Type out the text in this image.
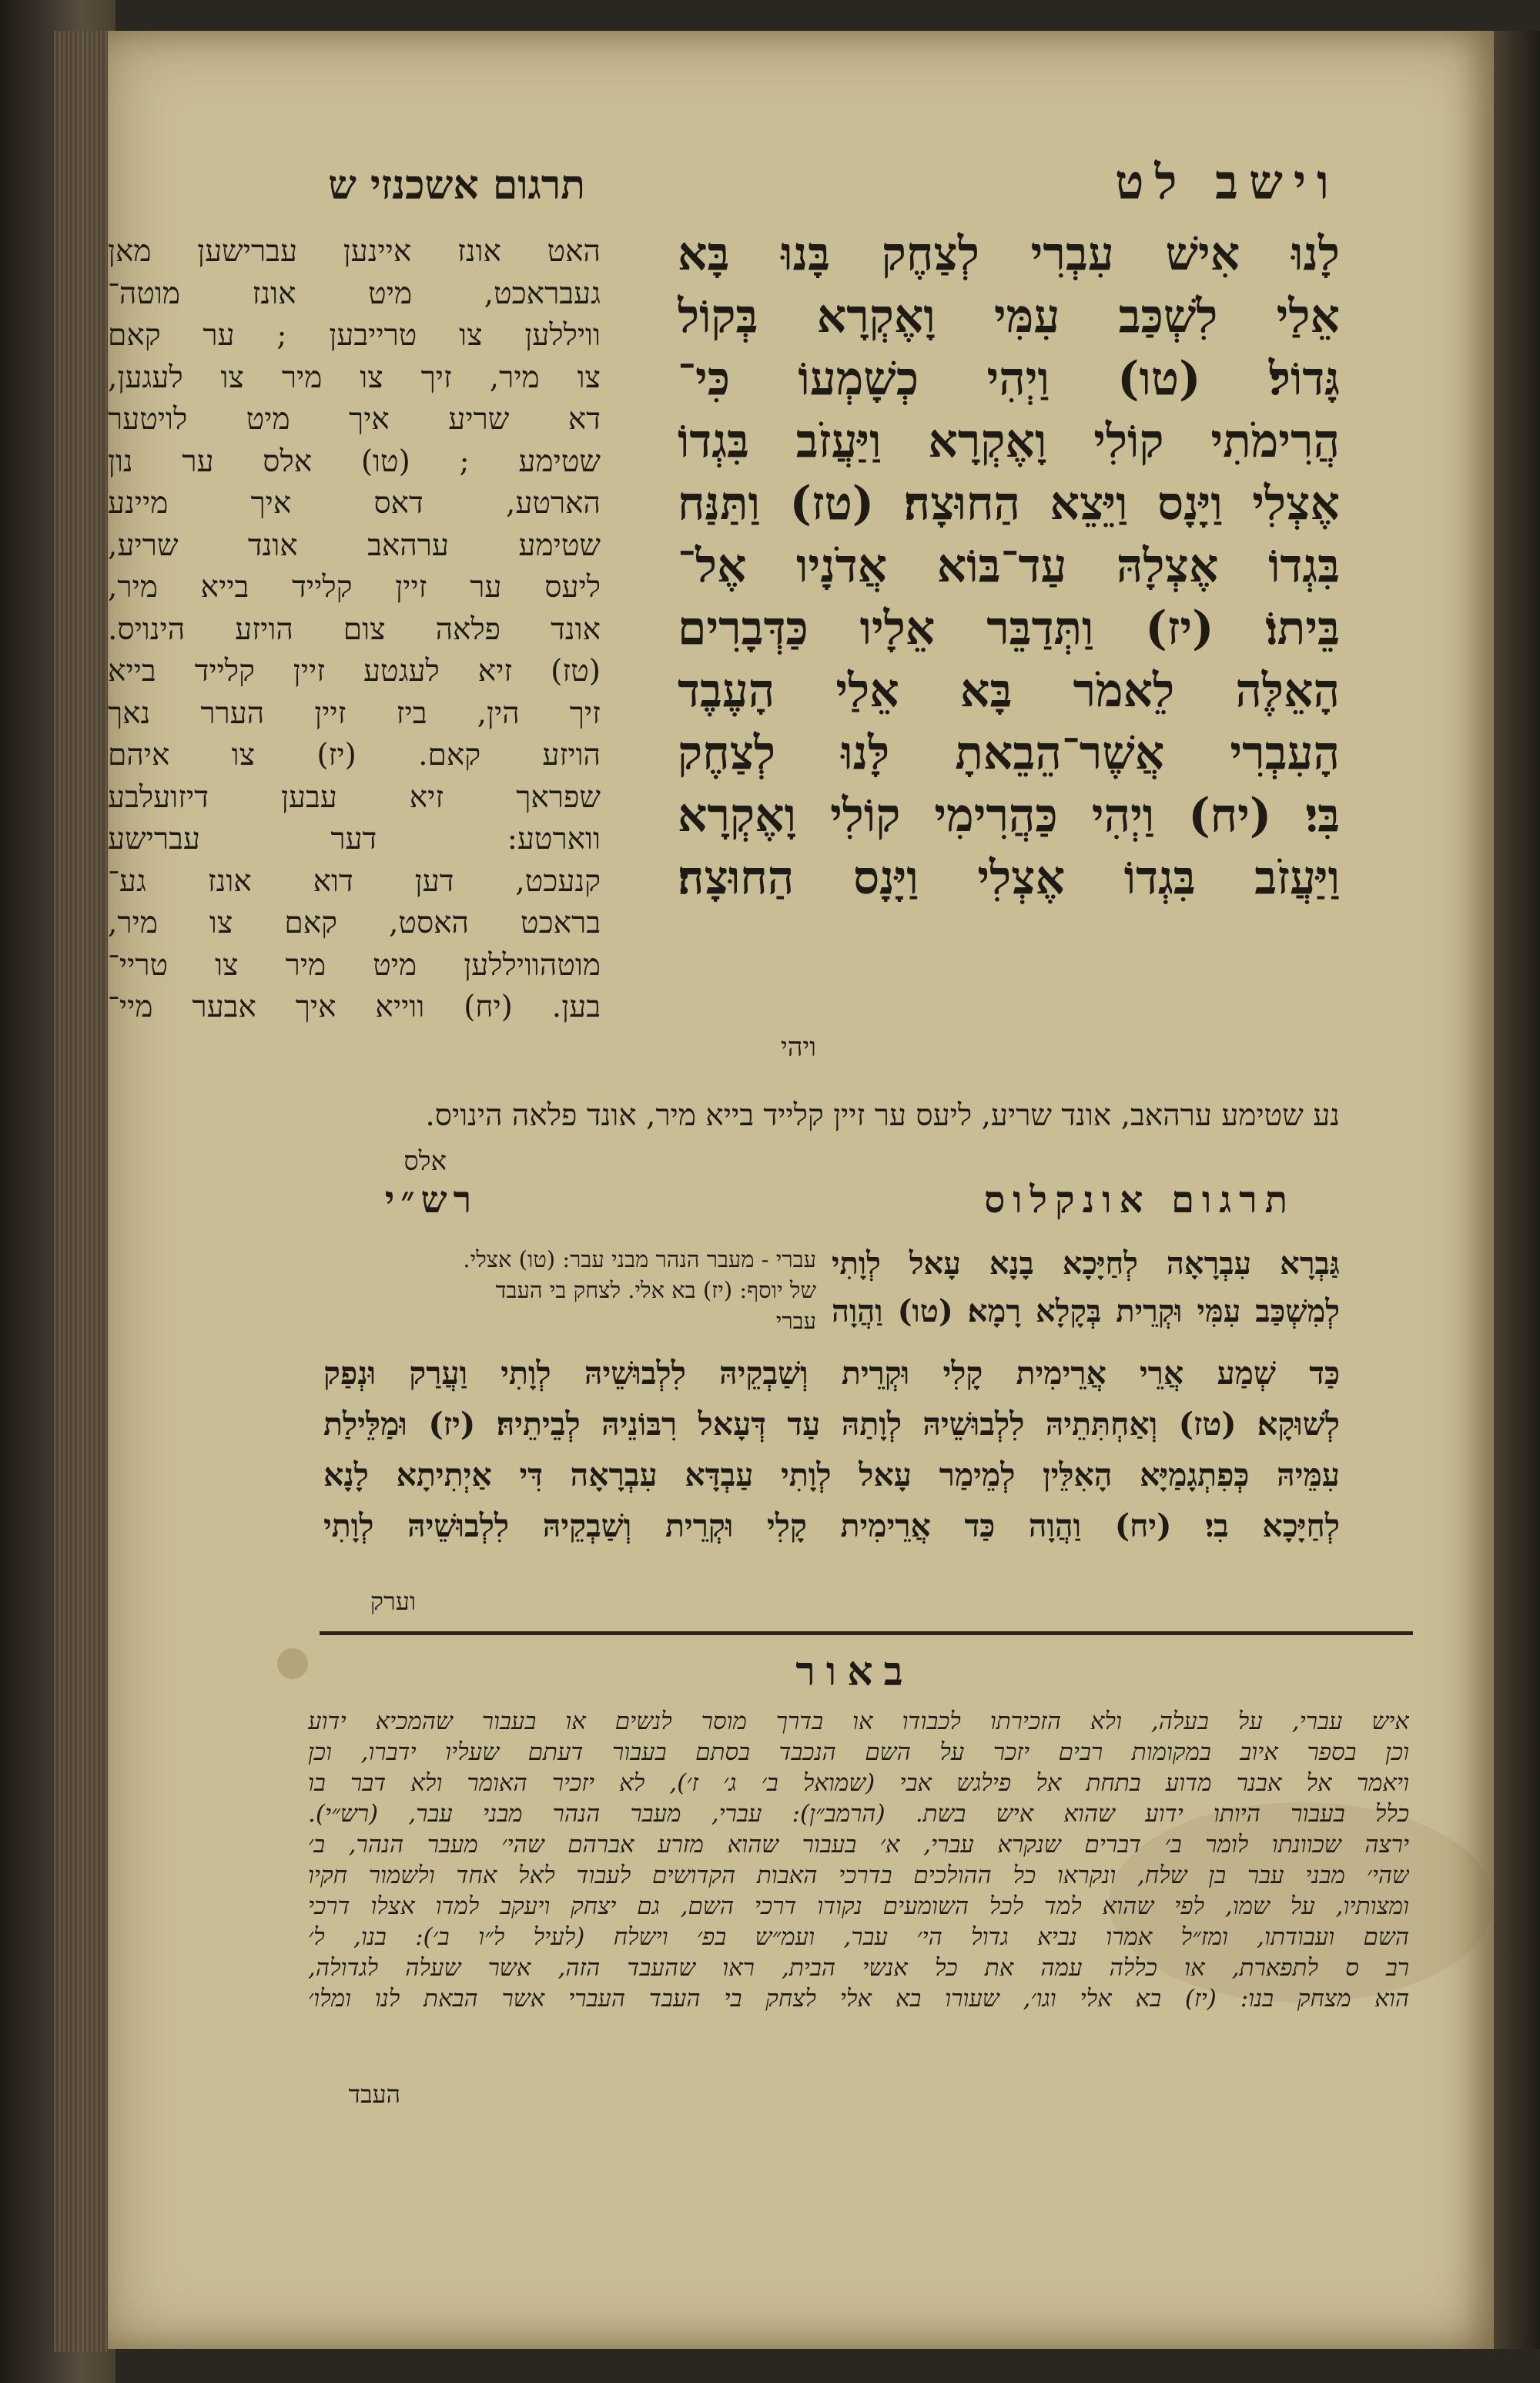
וישב לט
תרגום אשכנזי ש
לָנוּ אִישׁ עִבְרִי לְצַחֶק בָּנוּ בָּא
אֵלַי לִשְׁכַּב עִמִּי וָאֶקְרָא בְּקוֹל
גָּדוֹל׃ (טו) וַיְהִי כְשָׁמְעוֹ כִּי־
הֲרִימֹתִי קוֹלִי וָאֶקְרָא וַיַּעֲזֹב בִּגְדוֹ
אֶצְלִי וַיָּנָס וַיֵּצֵא הַחוּצָה׃ (טז) וַתַּנַּח
בִּגְדוֹ אֶצְלָהּ עַד־בּוֹא אֲדֹנָיו אֶל־
בֵּיתוֹ׃ (יז) וַתְּדַבֵּר אֵלָיו כַּדְּבָרִים
הָאֵלֶּה לֵאמֹר בָּא אֵלַי הָעֶבֶד
הָעִבְרִי אֲשֶׁר־הֵבֵאתָ לָּנוּ לְצַחֶק
בִּי׃ (יח) וַיְהִי כַּהֲרִימִי קוֹלִי וָאֶקְרָא
וַיַּעֲזֹב בִּגְדוֹ אֶצְלִי וַיָּנָס הַחוּצָה׃
ויהי
האט אונז איינען עברישען מאן
געבראכט, מיט אונז מוטה־
וויללען צו טרייבען ; ער קאם
צו מיר, זיך צו מיר צו לעגען,
דא שריע איך מיט לויטער
שטימע ; (טו) אלס ער נון
הארטע, דאס איך מיינע
שטימע ערהאב אונד שריע,
ליעס ער זיין קלייד בייא מיר,
אונד פלאה צום הויזע הינויס.
(טז) זיא לעגטע זיין קלייד בייא
זיך הין, ביז זיין הערר נאך
הויזע קאם. (יז) צו איהם
שפראך זיא עבען דיזועלבע
ווארטע: דער עברישע
קנעכט, דען דוא אונז גע־
בראכט האסט, קאם צו מיר,
מוטהוויללען מיט מיר צו טריי־
בען. (יח) ווייא איך אבער מיי־
נע שטימע ערהאב, אונד שריע, ליעס ער זיין קלייד בייא מיר, אונד פלאה הינויס.
אלס
רש״י	תרגום אונקלוס
עברי - מעבר הנהר מבני עבר: (טו) אצלי.
של יוסף: (יז) בא אלי. לצחק בי העבד
עברי
גַּבְרָא עִבְרָאָה לְחַיָּכָא בָנָא עָאל לְוָתִי
לְמִשְׁכַּב עִמִּי וּקְרֵית בְּקָלָא רָמָא׃ (טו) וַהֲוָה
כַּד שְׁמַע אֲרֵי אֲרֵימִית קָלִי וּקְרֵית וְשַׁבְקֵיהּ לִלְבוּשֵׁיהּ לְוָתִי וַעֲרַק וּנְפַק
לְשׁוּקָא׃ (טז) וְאַחְתִּתֵיהּ לִלְבוּשֵׁיהּ לְוָתַהּ עַד דְּעָאל רִבּוֹנֵיהּ לְבֵיתֵיהּ׃ (יז) וּמַלֵּילַת
עִמֵּיהּ כְּפִתְגָמַיָּא הָאִלֵּין לְמֵימַר עָאל לְוָתִי עַבְדָּא עִבְרָאָה דִּי אַיְתִיתָא לָנָא
לְחַיָּכָא בִי׃ (יח) וַהֲוָה כַּד אֲרֵימִית קָלִי וּקְרֵית וְשַׁבְקֵיהּ לִלְבוּשֵׁיהּ לְוָתִי
וערק
באור
איש עברי, על בעלה, ולא הזכירתו לכבודו או בדרך מוסר לנשים או בעבור שהמכיא ידוע
וכן בספר איוב במקומות רבים יזכר על השם הנכבד בסתם בעבור דעתם שעליו ידברו, וכן
ויאמר אל אבנר מדוע בתחת אל פילגש אבי (שמואל ב׳ ג׳ ז׳), לא יזכיר האומר ולא דבר בו
כלל בעבור היותו ידוע שהוא איש בשת. (הרמב״ן): עברי, מעבר הנהר מבני עבר, (רש״י).
ירצה שכוונתו לומר ב׳ דברים שנקרא עברי, א׳ בעבור שהוא מזרע אברהם שהי׳ מעבר הנהר, ב׳
שהי׳ מבני עבר בן שלח, ונקראו כל ההולכים בדרכי האבות הקדושים לעבוד לאל אחד ולשמור חקיו
ומצותיו, על שמו, לפי שהוא למד לכל השומעים נקודו דרכי השם, גם יצחק ויעקב למדו אצלו דרכי
השם ועבודתו, ומז״ל אמרו נביא גדול הי׳ עבר, ועמ״ש בפ׳ וישלח (לעיל ל״ו ב׳): בנו, ל׳
רב ס לתפארת, או כללה עמה את כל אנשי הבית, ראו שהעבד הזה, אשר שעלה לגדולה,
הוא מצחק בנו: (יז) בא אלי וגו׳, שעורו בא אלי לצחק בי העבד העברי אשר הבאת לנו ומלו׳
העבד
